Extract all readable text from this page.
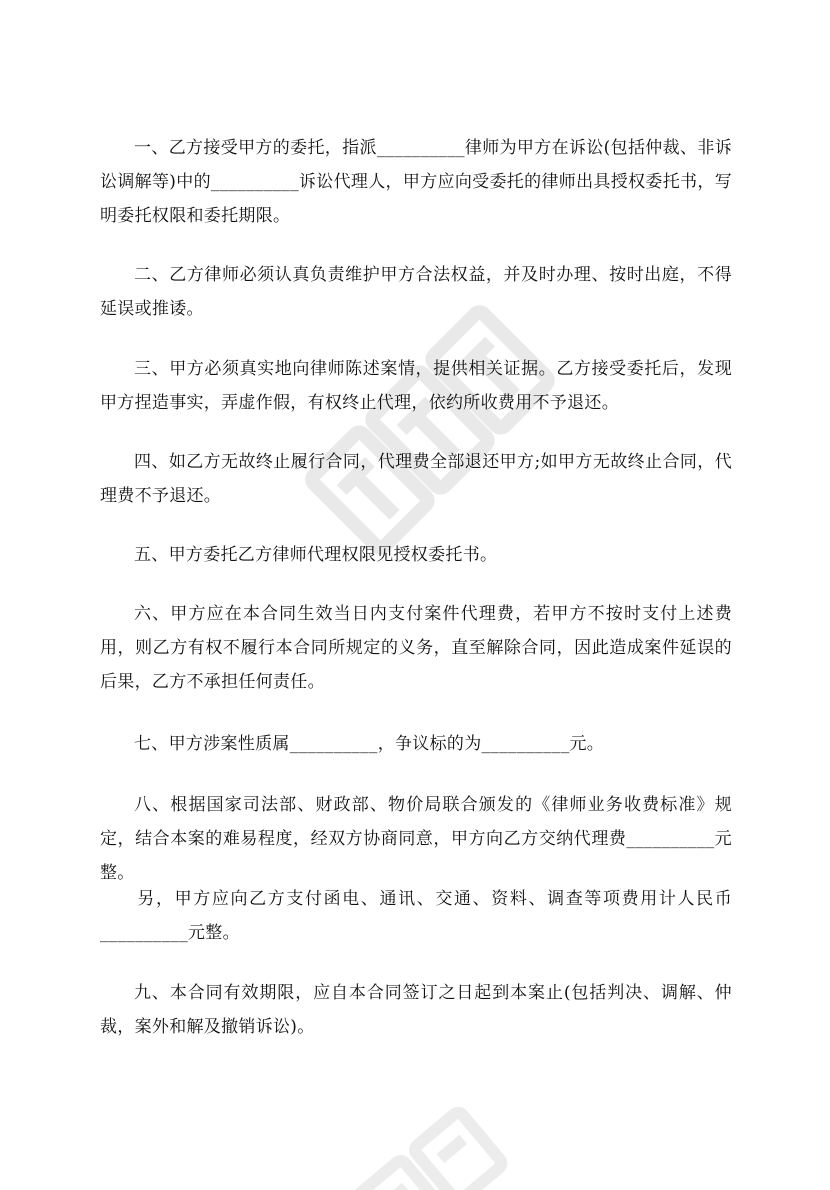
一、乙方接受甲方的委托，指派__________律师为甲方在诉讼(包括仲裁、非诉讼调解等)中的__________诉讼代理人，甲方应向受委托的律师出具授权委托书，写明委托权限和委托期限。

二、乙方律师必须认真负责维护甲方合法权益，并及时办理、按时出庭，不得延误或推诿。

三、甲方必须真实地向律师陈述案情，提供相关证据。乙方接受委托后，发现甲方捏造事实，弄虚作假，有权终止代理，依约所收费用不予退还。

四、如乙方无故终止履行合同，代理费全部退还甲方;如甲方无故终止合同，代理费不予退还。

五、甲方委托乙方律师代理权限见授权委托书。

六、甲方应在本合同生效当日内支付案件代理费，若甲方不按时支付上述费用，则乙方有权不履行本合同所规定的义务，直至解除合同，因此造成案件延误的后果，乙方不承担任何责任。

七、甲方涉案性质属__________，争议标的为__________元。

八、根据国家司法部、财政部、物价局联合颁发的《律师业务收费标准》规定，结合本案的难易程度，经双方协商同意，甲方向乙方交纳代理费__________元整。

另，甲方应向乙方支付函电、通讯、交通、资料、调查等项费用计人民币__________元整。

九、本合同有效期限，应自本合同签订之日起到本案止(包括判决、调解、仲裁，案外和解及撤销诉讼)。
